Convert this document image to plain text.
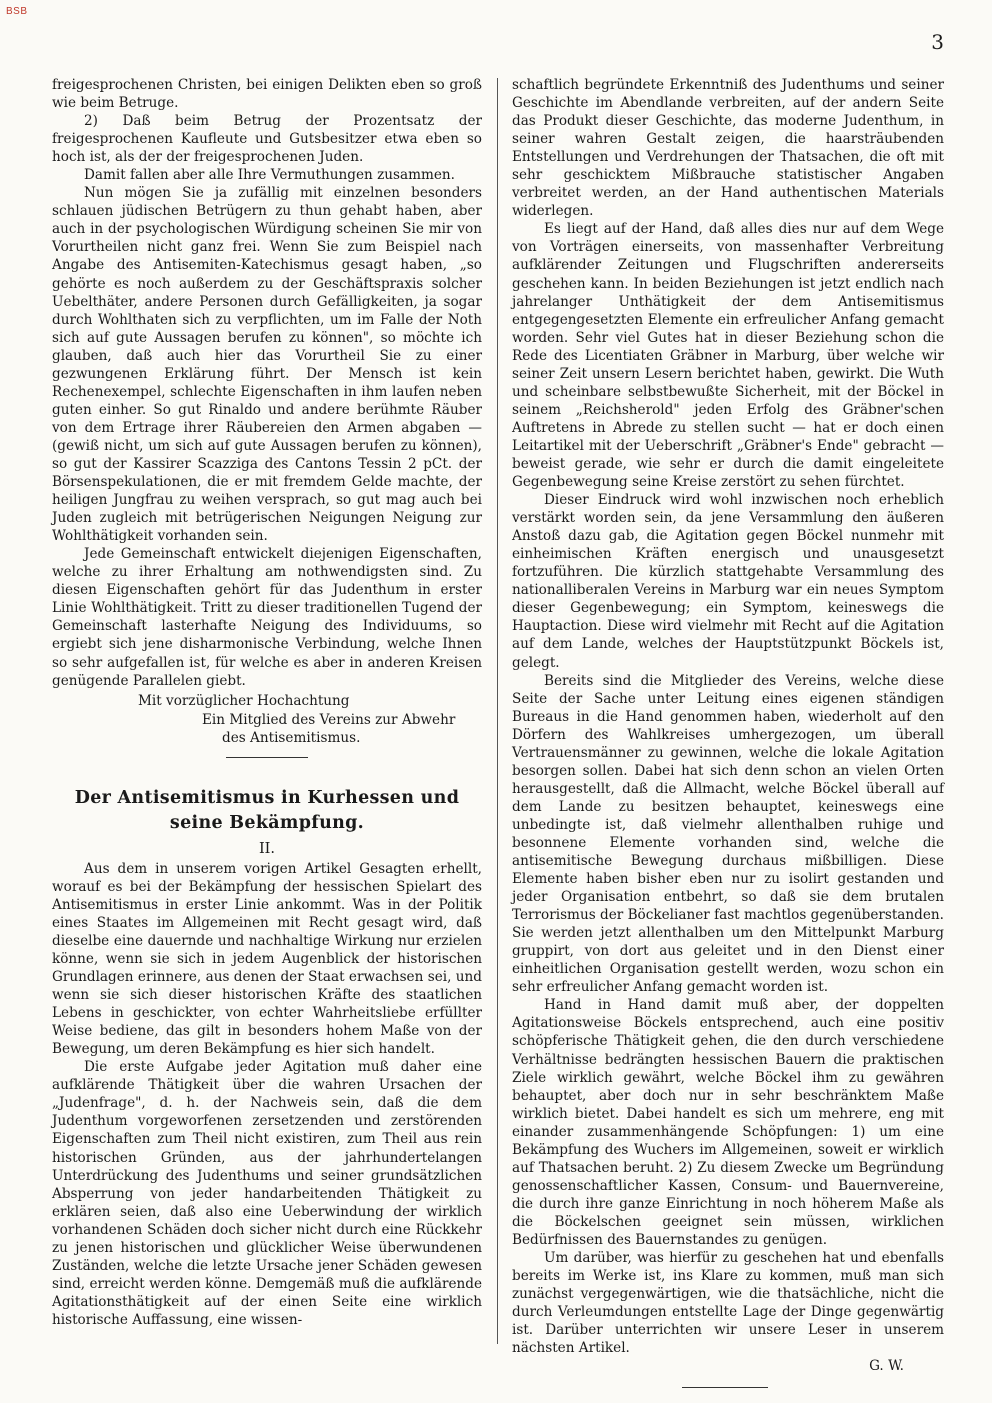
BSB
3

freigesprochenen Christen, bei einigen Delikten eben so groß wie beim Betruge.

2) Daß beim Betrug der Prozentsatz der freigesprochenen Kaufleute und Gutsbesitzer etwa eben so hoch ist, als der der freigesprochenen Juden.

Damit fallen aber alle Ihre Vermuthungen zusammen.

Nun mögen Sie ja zufällig mit einzelnen besonders schlauen jüdischen Betrügern zu thun gehabt haben, aber auch in der psychologischen Würdigung scheinen Sie mir von Vorurtheilen nicht ganz frei. Wenn Sie zum Beispiel nach Angabe des Antisemiten-Katechismus gesagt haben, „so gehörte es noch außerdem zu der Geschäftspraxis solcher Uebelthäter, andere Personen durch Gefälligkeiten, ja sogar durch Wohlthaten sich zu verpflichten, um im Falle der Noth sich auf gute Aussagen berufen zu können", so möchte ich glauben, daß auch hier das Vorurtheil Sie zu einer gezwungenen Erklärung führt. Der Mensch ist kein Rechenexempel, schlechte Eigenschaften in ihm laufen neben guten einher. So gut Rinaldo und andere berühmte Räuber von dem Ertrage ihrer Räubereien den Armen abgaben — (gewiß nicht, um sich auf gute Aussagen berufen zu können), so gut der Kassirer Scazziga des Cantons Tessin 2 pCt. der Börsenspekulationen, die er mit fremdem Gelde machte, der heiligen Jungfrau zu weihen versprach, so gut mag auch bei Juden zugleich mit betrügerischen Neigungen Neigung zur Wohlthätigkeit vorhanden sein.

Jede Gemeinschaft entwickelt diejenigen Eigenschaften, welche zu ihrer Erhaltung am nothwendigsten sind. Zu diesen Eigenschaften gehört für das Judenthum in erster Linie Wohlthätigkeit. Tritt zu dieser traditionellen Tugend der Gemeinschaft lasterhafte Neigung des Individuums, so ergiebt sich jene disharmonische Verbindung, welche Ihnen so sehr aufgefallen ist, für welche es aber in anderen Kreisen genügende Parallelen giebt.

Mit vorzüglicher Hochachtung

Ein Mitglied des Vereins zur Abwehr
des Antisemitismus.

Der Antisemitismus in Kurhessen und seine Bekämpfung.

II.

Aus dem in unserem vorigen Artikel Gesagten erhellt, worauf es bei der Bekämpfung der hessischen Spielart des Antisemitismus in erster Linie ankommt. Was in der Politik eines Staates im Allgemeinen mit Recht gesagt wird, daß dieselbe eine dauernde und nachhaltige Wirkung nur erzielen könne, wenn sie sich in jedem Augenblick der historischen Grundlagen erinnere, aus denen der Staat erwachsen sei, und wenn sie sich dieser historischen Kräfte des staatlichen Lebens in geschickter, von echter Wahrheitsliebe erfüllter Weise bediene, das gilt in besonders hohem Maße von der Bewegung, um deren Bekämpfung es hier sich handelt.

Die erste Aufgabe jeder Agitation muß daher eine aufklärende Thätigkeit über die wahren Ursachen der „Judenfrage", d. h. der Nachweis sein, daß die dem Judenthum vorgeworfenen zersetzenden und zerstörenden Eigenschaften zum Theil nicht existiren, zum Theil aus rein historischen Gründen, aus der jahrhundertelangen Unterdrückung des Judenthums und seiner grundsätzlichen Absperrung von jeder handarbeitenden Thätigkeit zu erklären seien, daß also eine Ueberwindung der wirklich vorhandenen Schäden doch sicher nicht durch eine Rückkehr zu jenen historischen und glücklicher Weise überwundenen Zuständen, welche die letzte Ursache jener Schäden gewesen sind, erreicht werden könne. Demgemäß muß die aufklärende Agitationsthätigkeit auf der einen Seite eine wirklich historische Auffassung, eine wissen-

schaftlich begründete Erkenntniß des Judenthums und seiner Geschichte im Abendlande verbreiten, auf der andern Seite das Produkt dieser Geschichte, das moderne Judenthum, in seiner wahren Gestalt zeigen, die haarsträubenden Entstellungen und Verdrehungen der Thatsachen, die oft mit sehr geschicktem Mißbrauche statistischer Angaben verbreitet werden, an der Hand authentischen Materials widerlegen.

Es liegt auf der Hand, daß alles dies nur auf dem Wege von Vorträgen einerseits, von massenhafter Verbreitung aufklärender Zeitungen und Flugschriften andererseits geschehen kann. In beiden Beziehungen ist jetzt endlich nach jahrelanger Unthätigkeit der dem Antisemitismus entgegengesetzten Elemente ein erfreulicher Anfang gemacht worden. Sehr viel Gutes hat in dieser Beziehung schon die Rede des Licentiaten Gräbner in Marburg, über welche wir seiner Zeit unsern Lesern berichtet haben, gewirkt. Die Wuth und scheinbare selbstbewußte Sicherheit, mit der Böckel in seinem „Reichsherold" jeden Erfolg des Gräbner'schen Auftretens in Abrede zu stellen sucht — hat er doch einen Leitartikel mit der Ueberschrift „Gräbner's Ende" gebracht — beweist gerade, wie sehr er durch die damit eingeleitete Gegenbewegung seine Kreise zerstört zu sehen fürchtet.

Dieser Eindruck wird wohl inzwischen noch erheblich verstärkt worden sein, da jene Versammlung den äußeren Anstoß dazu gab, die Agitation gegen Böckel nunmehr mit einheimischen Kräften energisch und unausgesetzt fortzuführen. Die kürzlich stattgehabte Versammlung des nationalliberalen Vereins in Marburg war ein neues Symptom dieser Gegenbewegung; ein Symptom, keineswegs die Hauptaction. Diese wird vielmehr mit Recht auf die Agitation auf dem Lande, welches der Hauptstützpunkt Böckels ist, gelegt.

Bereits sind die Mitglieder des Vereins, welche diese Seite der Sache unter Leitung eines eigenen ständigen Bureaus in die Hand genommen haben, wiederholt auf den Dörfern des Wahlkreises umhergezogen, um überall Vertrauensmänner zu gewinnen, welche die lokale Agitation besorgen sollen. Dabei hat sich denn schon an vielen Orten herausgestellt, daß die Allmacht, welche Böckel überall auf dem Lande zu besitzen behauptet, keineswegs eine unbedingte ist, daß vielmehr allenthalben ruhige und besonnene Elemente vorhanden sind, welche die antisemitische Bewegung durchaus mißbilligen. Diese Elemente haben bisher eben nur zu isolirt gestanden und jeder Organisation entbehrt, so daß sie dem brutalen Terrorismus der Böckelianer fast machtlos gegenüberstanden. Sie werden jetzt allenthalben um den Mittelpunkt Marburg gruppirt, von dort aus geleitet und in den Dienst einer einheitlichen Organisation gestellt werden, wozu schon ein sehr erfreulicher Anfang gemacht worden ist.

Hand in Hand damit muß aber, der doppelten Agitationsweise Böckels entsprechend, auch eine positiv schöpferische Thätigkeit gehen, die den durch verschiedene Verhältnisse bedrängten hessischen Bauern die praktischen Ziele wirklich gewährt, welche Böckel ihm zu gewähren behauptet, aber doch nur in sehr beschränktem Maße wirklich bietet. Dabei handelt es sich um mehrere, eng mit einander zusammenhängende Schöpfungen: 1) um eine Bekämpfung des Wuchers im Allgemeinen, soweit er wirklich auf Thatsachen beruht. 2) Zu diesem Zwecke um Begründung genossenschaftlicher Kassen, Consum- und Bauernvereine, die durch ihre ganze Einrichtung in noch höherem Maße als die Böckelschen geeignet sein müssen, wirklichen Bedürfnissen des Bauernstandes zu genügen.

Um darüber, was hierfür zu geschehen hat und ebenfalls bereits im Werke ist, ins Klare zu kommen, muß man sich zunächst vergegenwärtigen, wie die thatsächliche, nicht die durch Verleumdungen entstellte Lage der Dinge gegenwärtig ist. Darüber unterrichten wir unsere Leser in unserem nächsten Artikel.

G. W.
